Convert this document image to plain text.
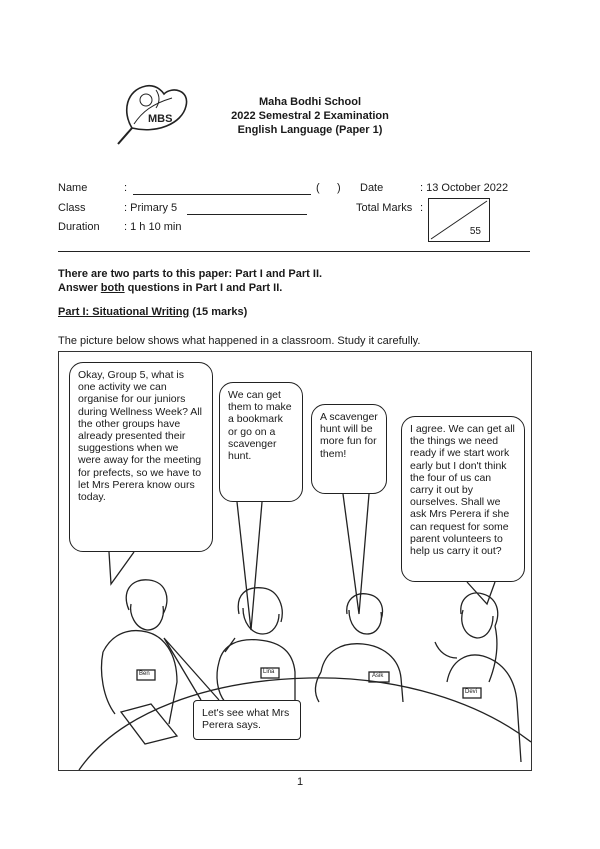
MBS
Maha Bodhi School
2022 Semestral 2 Examination
English Language (Paper 1)
Name	:	( )
Class	: Primary 5
Duration : 1 h 10 min
Date	: 13 October 2022
Total Marks :
55
There are two parts to this paper: Part I and Part II.
Answer both questions in Part I and Part II.
Part I: Situational Writing (15 marks)
The picture below shows what happened in a classroom. Study it carefully.
Okay, Group 5, what is one activity we can organise for our juniors during Wellness Week? All the other groups have already presented their suggestions when we were away for the meeting for prefects, so we have to let Mrs Perera know ours today.
We can get them to make a bookmark or go on a scavenger hunt.
A scavenger hunt will be more fun for them!
I agree. We can get all the things we need ready if we start work early but I don't think the four of us can carry it out by ourselves. Shall we ask Mrs Perera if she can request for some parent volunteers to help us carry it out?
Let's see what Mrs Perera says.
Ben	Lina
Asik
Devi
1
